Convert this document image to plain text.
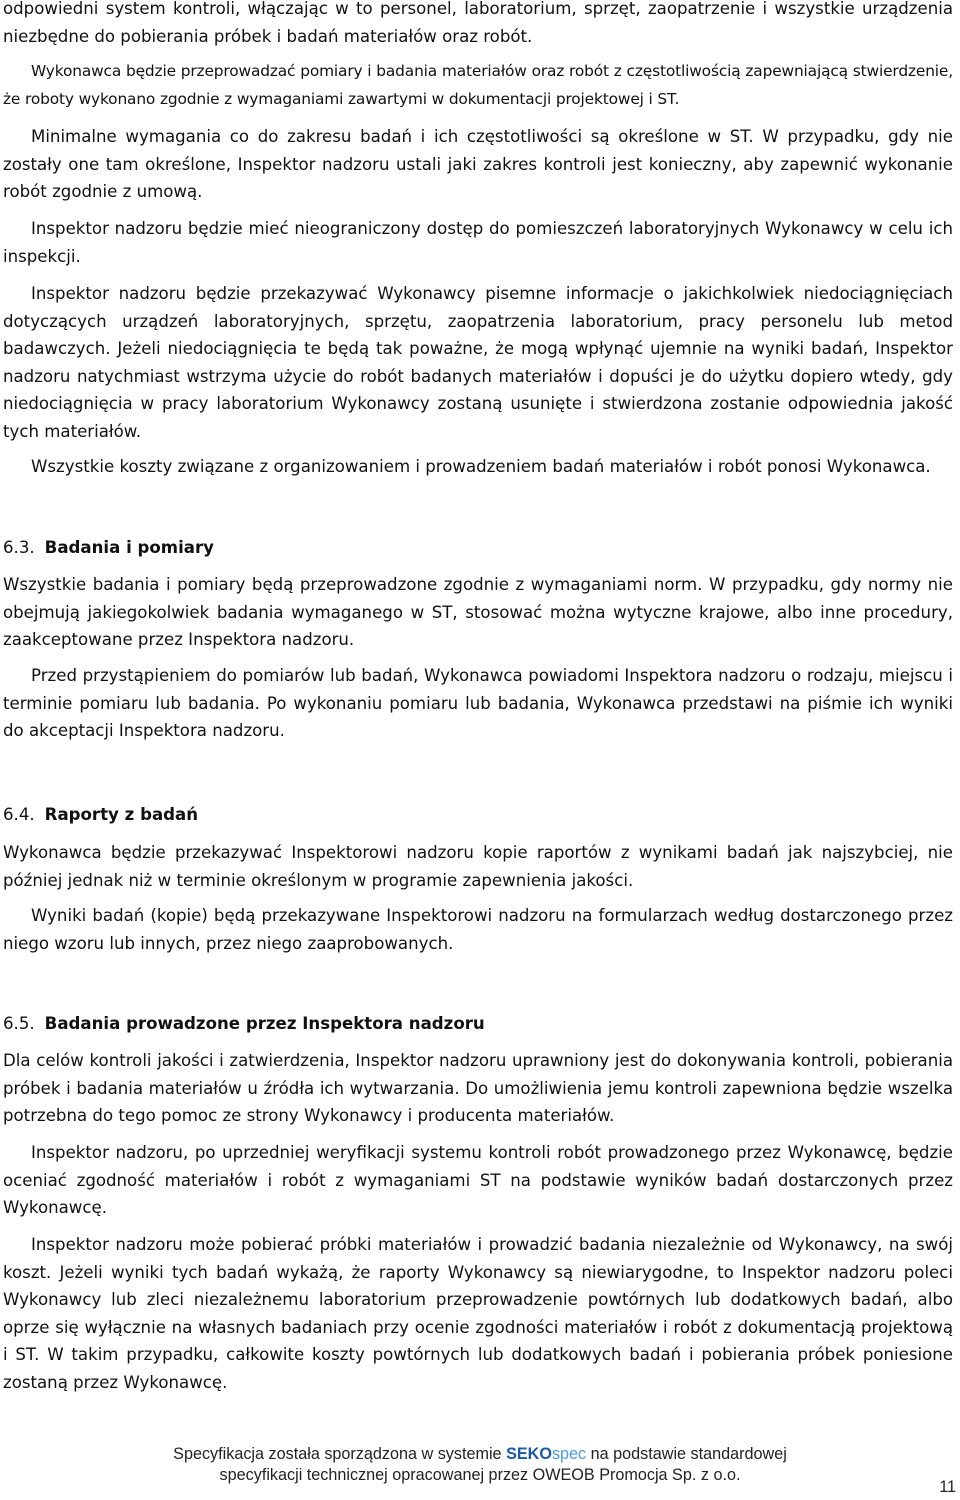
odpowiedni system kontroli, włączając w to personel, laboratorium, sprzęt, zaopatrzenie i wszystkie urządzenia niezbędne do pobierania próbek i badań materiałów oraz robót.

Wykonawca będzie przeprowadzać pomiary i badania materiałów oraz robót z częstotliwością zapewniającą stwierdzenie, że roboty wykonano zgodnie z wymaganiami zawartymi w dokumentacji projektowej i ST.

Minimalne wymagania co do zakresu badań i ich częstotliwości są określone w ST. W przypadku, gdy nie zostały one tam określone, Inspektor nadzoru ustali jaki zakres kontroli jest konieczny, aby zapewnić wykonanie robót zgodnie z umową.

Inspektor nadzoru będzie mieć nieograniczony dostęp do pomieszczeń laboratoryjnych Wykonawcy w celu ich inspekcji.

Inspektor nadzoru będzie przekazywać Wykonawcy pisemne informacje o jakichkolwiek niedociągnięciach dotyczących urządzeń laboratoryjnych, sprzętu, zaopatrzenia laboratorium, pracy personelu lub metod badawczych. Jeżeli niedociągnięcia te będą tak poważne, że mogą wpłynąć ujemnie na wyniki badań, Inspektor nadzoru natychmiast wstrzyma użycie do robót badanych materiałów i dopuści je do użytku dopiero wtedy, gdy niedociągnięcia w pracy laboratorium Wykonawcy zostaną usunięte i stwierdzona zostanie odpowiednia jakość tych materiałów.

Wszystkie koszty związane z organizowaniem i prowadzeniem badań materiałów i robót ponosi Wykonawca.

6.3. Badania i pomiary

Wszystkie badania i pomiary będą przeprowadzone zgodnie z wymaganiami norm. W przypadku, gdy normy nie obejmują jakiegokolwiek badania wymaganego w ST, stosować można wytyczne krajowe, albo inne procedury, zaakceptowane przez Inspektora nadzoru.

Przed przystąpieniem do pomiarów lub badań, Wykonawca powiadomi Inspektora nadzoru o rodzaju, miejscu i terminie pomiaru lub badania. Po wykonaniu pomiaru lub badania, Wykonawca przedstawi na piśmie ich wyniki do akceptacji Inspektora nadzoru.

6.4. Raporty z badań

Wykonawca będzie przekazywać Inspektorowi nadzoru kopie raportów z wynikami badań jak najszybciej, nie później jednak niż w terminie określonym w programie zapewnienia jakości.

Wyniki badań (kopie) będą przekazywane Inspektorowi nadzoru na formularzach według dostarczonego przez niego wzoru lub innych, przez niego zaaprobowanych.

6.5. Badania prowadzone przez Inspektora nadzoru

Dla celów kontroli jakości i zatwierdzenia, Inspektor nadzoru uprawniony jest do dokonywania kontroli, pobierania próbek i badania materiałów u źródła ich wytwarzania. Do umożliwienia jemu kontroli zapewniona będzie wszelka potrzebna do tego pomoc ze strony Wykonawcy i producenta materiałów.

Inspektor nadzoru, po uprzedniej weryfikacji systemu kontroli robót prowadzonego przez Wykonawcę, będzie oceniać zgodność materiałów i robót z wymaganiami ST na podstawie wyników badań dostarczonych przez Wykonawcę.

Inspektor nadzoru może pobierać próbki materiałów i prowadzić badania niezależnie od Wykonawcy, na swój koszt. Jeżeli wyniki tych badań wykażą, że raporty Wykonawcy są niewiarygodne, to Inspektor nadzoru poleci Wykonawcy lub zleci niezależnemu laboratorium przeprowadzenie powtórnych lub dodatkowych badań, albo oprze się wyłącznie na własnych badaniach przy ocenie zgodności materiałów i robót z dokumentacją projektową i ST. W takim przypadku, całkowite koszty powtórnych lub dodatkowych badań i pobierania próbek poniesione zostaną przez Wykonawcę.

Specyfikacja została sporządzona w systemie SEKOspec na podstawie standardowej
specyfikacji technicznej opracowanej przez OWEOB Promocja Sp. z o.o.
11
